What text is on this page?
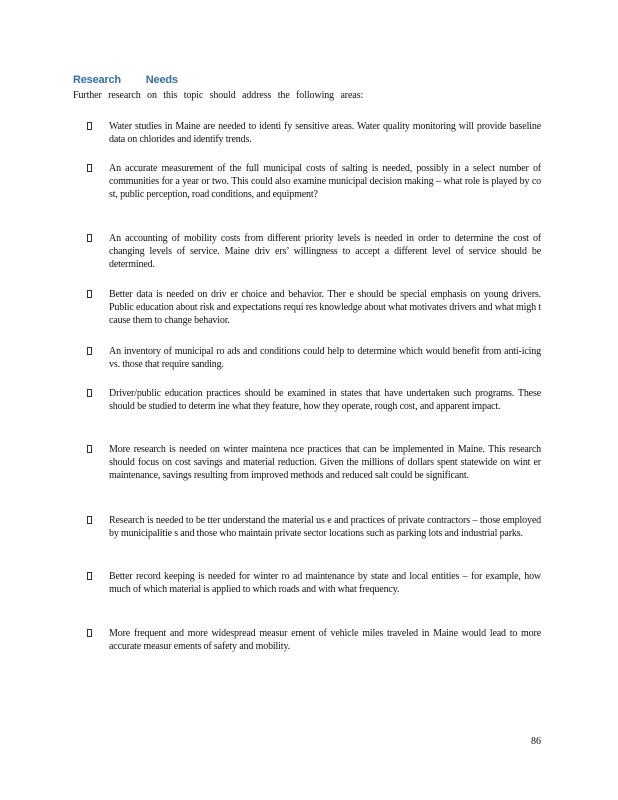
Research Needs
Further research on this topic should address the following areas:
Water studies in Maine are needed to identi fy sensitive areas. Water quality monitoring will provide baseline data on chlorides and identify trends.
An accurate measurement of the full municipal costs of salting is needed, possibly in a select number of communities for a year or two. This could also examine municipal decision making – what role is played by co st, public perception, road conditions, and equipment?
An accounting of mobility costs from different priority levels is needed in order to determine the cost of changing levels of service. Maine driv ers’ willingness to accept a different level of service should be determined.
Better data is needed on driv er choice and behavior. Ther e should be special emphasis on young drivers. Public education about risk and expectations requi res knowledge about what motivates drivers and what migh t cause them to change behavior.
An inventory of municipal ro ads and conditions could help to determine which would benefit from anti-icing vs. those that require sanding.
Driver/public education practices should be examined in states that have undertaken such programs. These should be studied to determ ine what they feature, how they operate, rough cost, and apparent impact.
More research is needed on winter maintena nce practices that can be implemented in Maine. This research should focus on cost savings and material reduction. Given the millions of dollars spent statewide on wint er maintenance, savings resulting from improved methods and reduced salt could be significant.
Research is needed to be tter understand the material us e and practices of private contractors – those employed by municipalitie s and those who maintain private sector locations such as parking lots and industrial parks.
Better record keeping is needed for winter ro ad maintenance by state and local entities – for example, how much of which material is applied to which roads and with what frequency.
More frequent and more widespread measur ement of vehicle miles traveled in Maine would lead to more accurate measur ements of safety and mobility.
86
